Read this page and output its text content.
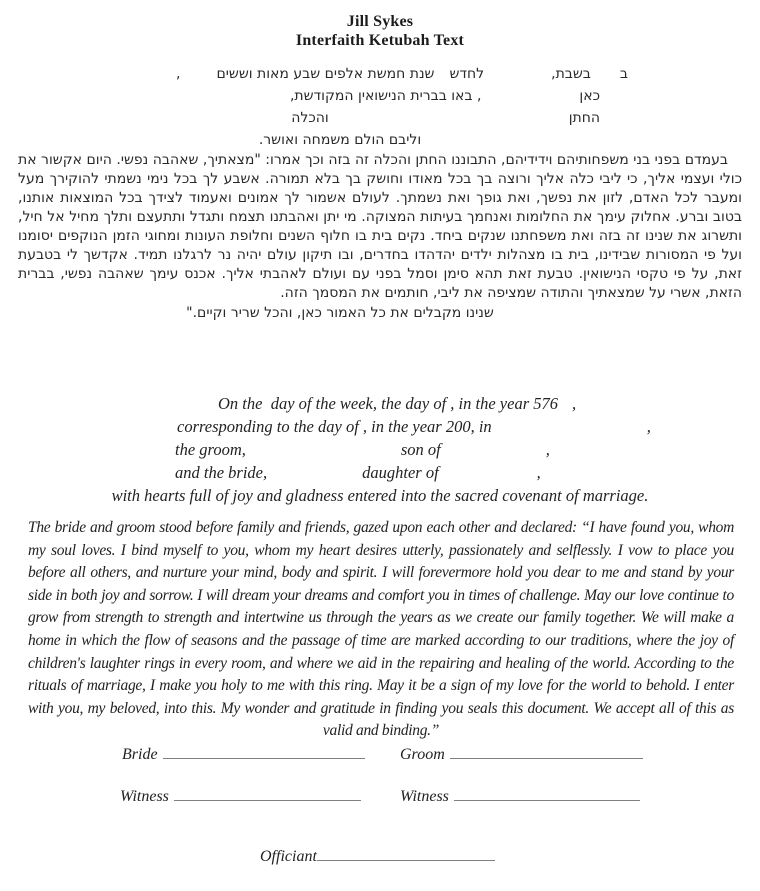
Jill Sykes
Interfaith Ketubah Text
ב
בשבת,
לחדש
שנת חמשת אלפים שבע מאות וששים
,
כאן
, באו בברית הנישואין המקודשת,
החתן
והכלה
וליבם הולם משמחה ואושר.

בעמדם בפני בני משפחותיהם וידידיהם, התבוננו החתן והכלה זה בזה וכך אמרו: "מצאתיך, שאהבה נפשי. היום אקשור את כולי ועצמי אליך, כי ליבי כלה אליך ורוצה בך בכל מאודו וחושק בך בלא תמורה. אשבע לך בכל נימי נשמתי להוקירך מעל ומעבר לכל האדם, לזון את נפשך, ואת גופך ואת נשמתך. לעולם אשמור לך אמונים ואעמוד לצידך בכל המוצאות אותנו, בטוב וברע. אחלוק עימך את החלומות ואנחמך בעיתות המצוקה. מי יתן ואהבתנו תצמח ותגדל ותתעצם ותלך מחיל אל חיל, ותשרוג את שנינו זה בזה ואת משפחתנו שנקים ביחד. נקים בית בו חלוף השנים וחלופת העונות ומחוגי הזמן הנוקפים יסומנו ועל פי המסורות שבידינו, בית בו מצהלות ילדים יהדהדו בחדרים, ובו תיקון עולם יהיה נר לרגלנו תמיד. אקדשך לי בטבעת זאת, על פי טקסי הנישואין. טבעת זאת תהא סימן וסמל בפני עם ועולם לאהבתי אליך. אכנס עימך שאהבה נפשי, בברית הזאת, אשרי על שמצאתיך והתודה שמציפה את ליבי, חותמים את המסמך הזה.

שנינו מקבלים את כל האמור כאן, והכל שריר וקיים."
On the  day of the week, the day of , in the year 576 ,
corresponding to the day of , in the year 200, in	,
the groom,	son of	,
and the bride,	daughter of	,
with hearts full of joy and gladness entered into the sacred covenant of marriage.

The bride and groom stood before family and friends, gazed upon each other and declared: “I have found you, whom my soul loves. I bind myself to you, whom my heart desires utterly, passionately and selflessly. I vow to place you before all others, and nurture your mind, body and spirit. I will forevermore hold you dear to me and stand by your side in both joy and sorrow. I will dream your dreams and comfort you in times of challenge. May our love continue to grow from strength to strength and intertwine us through the years as we create our family together. We will make a home in which the flow of seasons and the passage of time are marked according to our traditions, where the joy of children's laughter rings in every room, and where we aid in the repairing and healing of the world. According to the rituals of marriage, I make you holy to me with this ring. May it be a sign of my love for the world to behold. I enter with you, my beloved, into this. My wonder and gratitude in finding you seals this document. We accept all of this as valid and binding.”

Bride	Groom
Witness	Witness
Officiant
